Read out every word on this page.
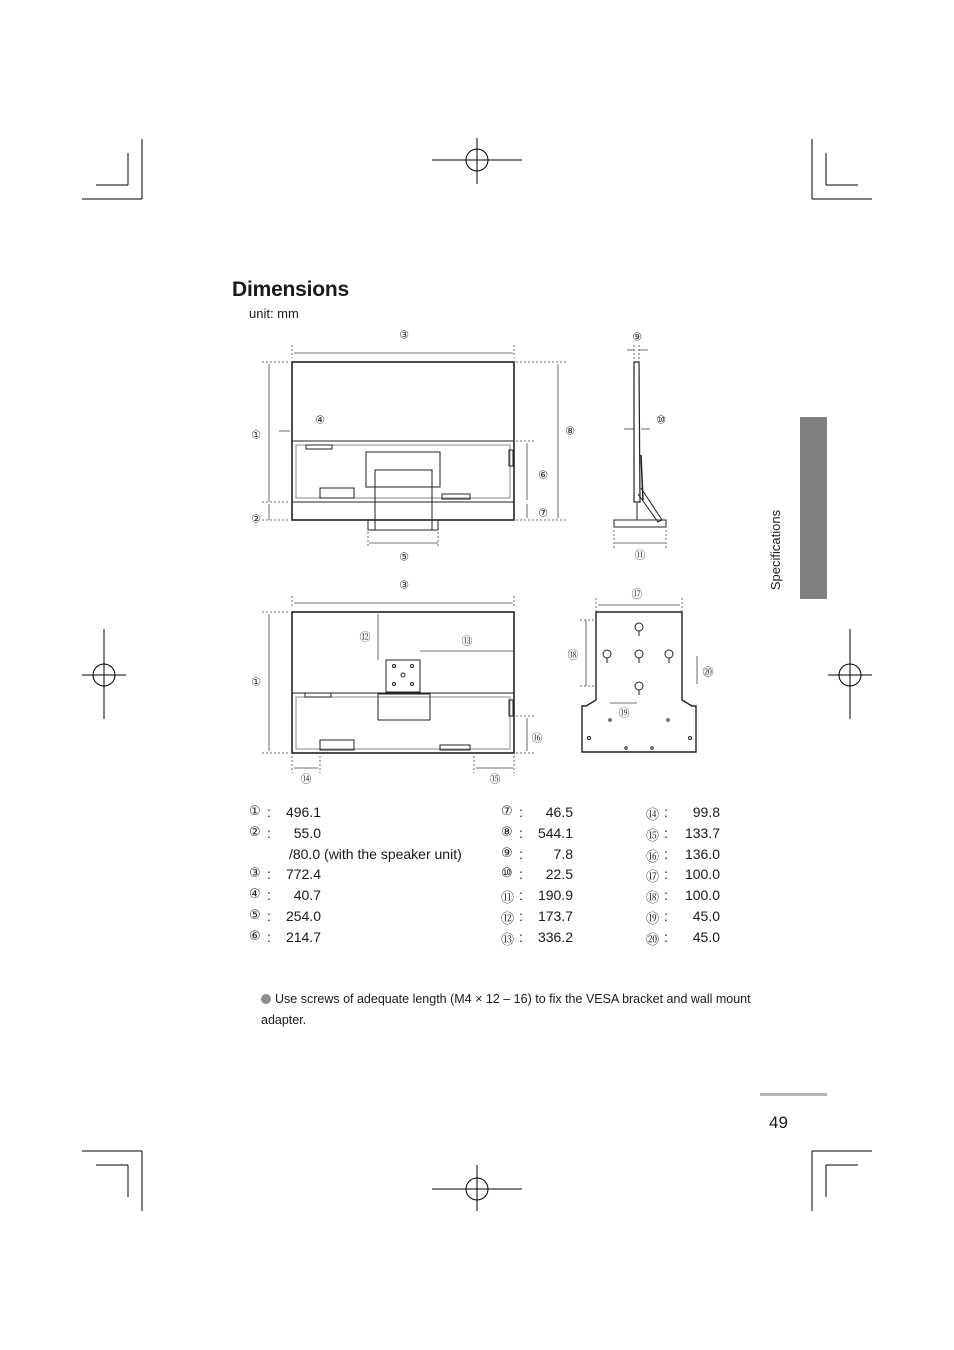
Dimensions
unit: mm
③
①
②
④
⑤
⑥
⑦
⑧
⑨
⑩
⑪
③
①
⑫	⑬
⑭	⑮
⑯
⑰
⑱
⑲
⑳
① :	496.1
② :	55.0
/80.0 (with the speaker unit)
③ :	772.4
④ :	40.7
⑤ :	254.0
⑥ :	214.7
⑦ :	46.5
⑧ :	544.1
⑨ :	7.8
⑩ :	22.5
⑪ :	190.9
⑫ :	173.7
⑬ :	336.2
⑭ :	99.8
⑮ :	133.7
⑯ :	136.0
⑰ :	100.0
⑱ :	100.0
⑲ :	45.0
⑳ :	45.0
Use screws of adequate length (M4 × 12 – 16) to fix the VESA bracket and wall mount adapter.
Specifications
49
